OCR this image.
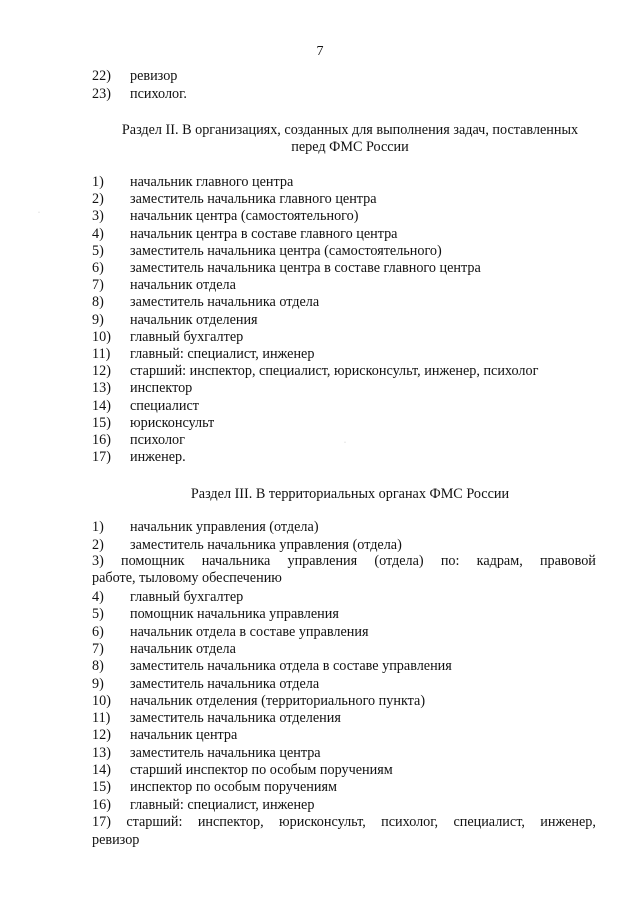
7
22) ревизор
23) психолог.
Раздел II. В организациях, созданных для выполнения задач, поставленных
перед ФМС России
1) начальник главного центра
2) заместитель начальника главного центра
3) начальник центра (самостоятельного)
4) начальник центра в составе главного центра
5) заместитель начальника центра (самостоятельного)
6) заместитель начальника центра в составе главного центра
7) начальник отдела
8) заместитель начальника отдела
9) начальник отделения
10) главный бухгалтер
11) главный: специалист, инженер
12) старший: инспектор, специалист, юрисконсульт, инженер, психолог
13) инспектор
14) специалист
15) юрисконсульт
16) психолог
17) инженер.
Раздел III. В территориальных органах ФМС России
1) начальник управления (отдела)
2) заместитель начальника управления (отдела)
3) помощник начальника управления (отдела) по: кадрам, правовой
работе, тыловому обеспечению
4) главный бухгалтер
5) помощник начальника управления
6) начальник отдела в составе управления
7) начальник отдела
8) заместитель начальника отдела в составе управления
9) заместитель начальника отдела
10) начальник отделения (территориального пункта)
11) заместитель начальника отделения
12) начальник центра
13) заместитель начальника центра
14) старший инспектор по особым поручениям
15) инспектор по особым поручениям
16) главный: специалист, инженер
17) старший: инспектор, юрисконсульт, психолог, специалист, инженер,
ревизор
·
·
